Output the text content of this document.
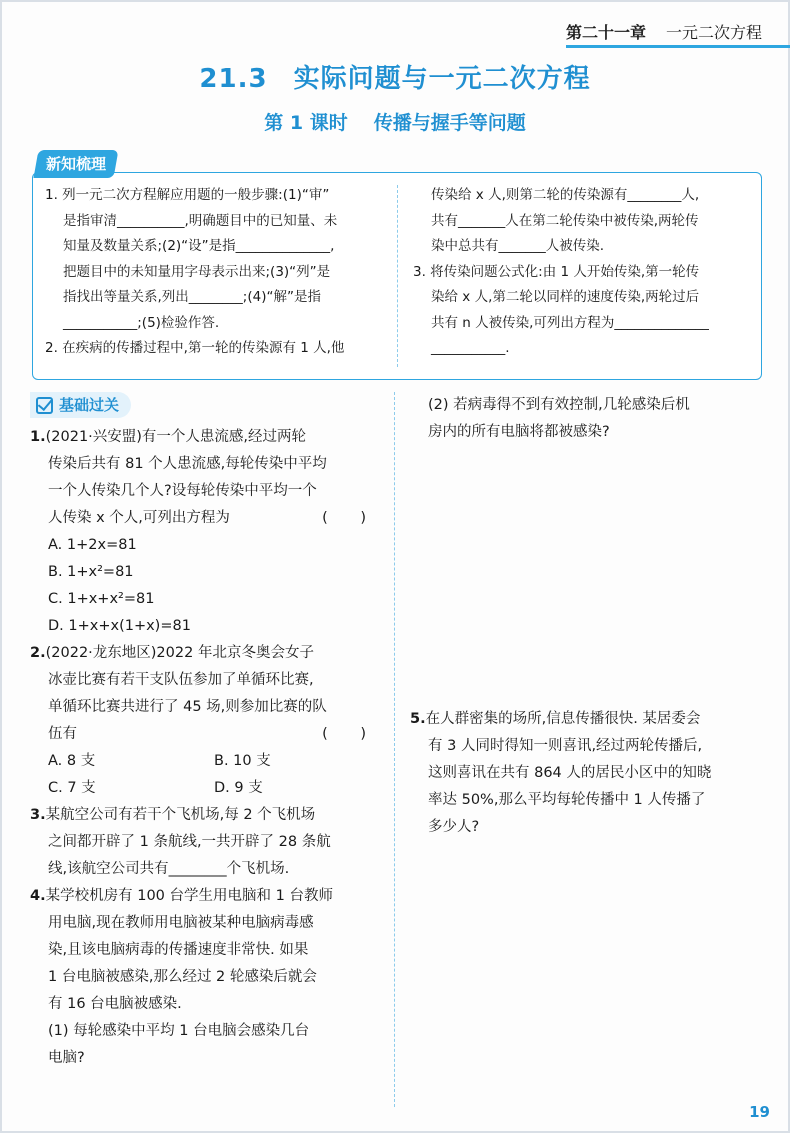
第二十一章	一元二次方程
21.3 实际问题与一元二次方程
第 1 课时 传播与握手等问题
1. 列一元二次方程解应用题的一般步骤:(1)“审”
是指审清__________,明确题目中的已知量、未
知量及数量关系;(2)“设”是指______________,
把题目中的未知量用字母表示出来;(3)“列”是
指找出等量关系,列出________;(4)“解”是指
___________;(5)检验作答.
2. 在疾病的传播过程中,第一轮的传染源有 1 人,他
传染给 x 人,则第二轮的传染源有________人,
共有_______人在第二轮传染中被传染,两轮传
染中总共有_______人被传染.
3. 将传染问题公式化:由 1 人开始传染,第一轮传
染给 x 人,第二轮以同样的速度传染,两轮过后
共有 n 人被传染,可列出方程为______________
___________.
新知梳理
基础过关
1.(2021·兴安盟)有一个人患流感,经过两轮
传染后共有 81 个人患流感,每轮传染中平均
一个人传染几个人?设每轮传染中平均一个
人传染 x 个人,可列出方程为	( )
A. 1+2x=81
B. 1+x²=81
C. 1+x+x²=81
D. 1+x+x(1+x)=81
2.(2022·龙东地区)2022 年北京冬奥会女子
冰壶比赛有若干支队伍参加了单循环比赛,
单循环比赛共进行了 45 场,则参加比赛的队
伍有	( )
A. 8 支	B. 10 支
C. 7 支	D. 9 支
3.某航空公司有若干个飞机场,每 2 个飞机场
之间都开辟了 1 条航线,一共开辟了 28 条航
线,该航空公司共有________个飞机场.
4.某学校机房有 100 台学生用电脑和 1 台教师
用电脑,现在教师用电脑被某种电脑病毒感
染,且该电脑病毒的传播速度非常快. 如果
1 台电脑被感染,那么经过 2 轮感染后就会
有 16 台电脑被感染.
(1) 每轮感染中平均 1 台电脑会感染几台
电脑?
(2) 若病毒得不到有效控制,几轮感染后机
房内的所有电脑将都被感染?
5.在人群密集的场所,信息传播很快. 某居委会
有 3 人同时得知一则喜讯,经过两轮传播后,
这则喜讯在共有 864 人的居民小区中的知晓
率达 50%,那么平均每轮传播中 1 人传播了
多少人?
19
